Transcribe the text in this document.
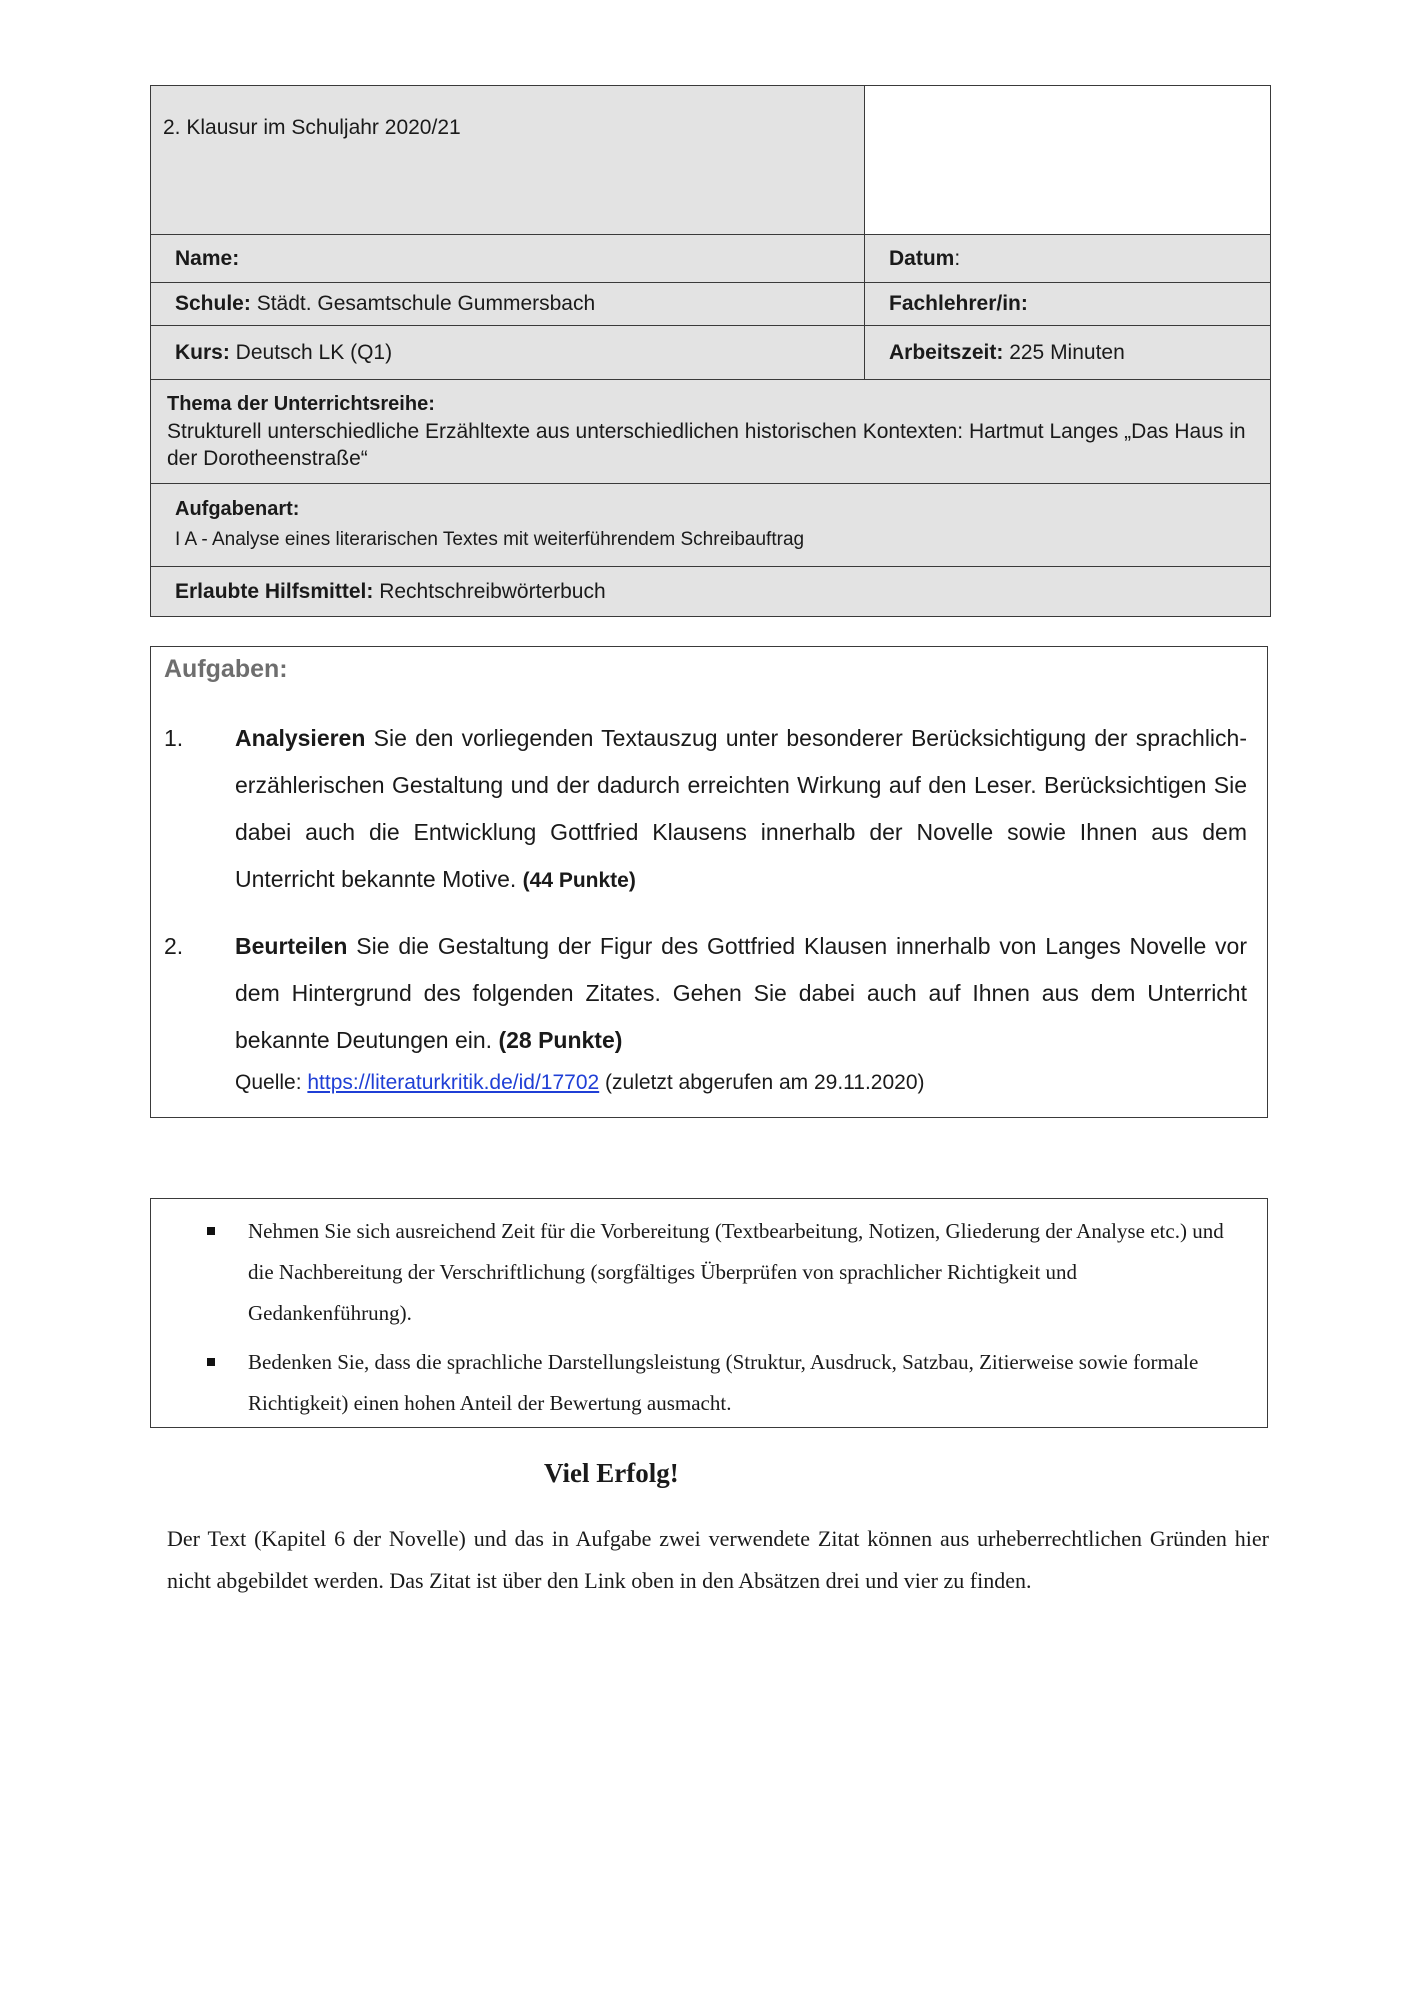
2. Klausur im Schuljahr 2020/21	
Name:	Datum:
Schule: Städt. Gesamtschule Gummersbach	Fachlehrer/in:
Kurs: Deutsch LK (Q1)	Arbeitszeit: 225 Minuten

Thema der Unterrichtsreihe:
Strukturell unterschiedliche Erzähltexte aus unterschiedlichen historischen Kontexten: Hartmut Langes „Das Haus in der Dorotheenstraße“	

Aufgabenart:
I A - Analyse eines literarischen Textes mit weiterführendem Schreibauftrag	

Erlaubte Hilfsmittel: Rechtschreibwörterbuch	
Aufgaben:
1. Analysieren Sie den vorliegenden Textauszug unter besonderer Berücksichtigung der sprachlich-erzählerischen Gestaltung und der dadurch erreichten Wirkung auf den Leser. Berücksichtigen Sie dabei auch die Entwicklung Gottfried Klausens innerhalb der Novelle sowie Ihnen aus dem Unterricht bekannte Motive. (44 Punkte)
2. Beurteilen Sie die Gestaltung der Figur des Gottfried Klausen innerhalb von Langes Novelle vor dem Hintergrund des folgenden Zitates. Gehen Sie dabei auch auf Ihnen aus dem Unterricht bekannte Deutungen ein. (28 Punkte)
Quelle: https://literaturkritik.de/id/17702 (zuletzt abgerufen am 29.11.2020)
Nehmen Sie sich ausreichend Zeit für die Vorbereitung (Textbearbeitung, Notizen, Gliederung der Analyse etc.) und die Nachbereitung der Verschriftlichung (sorgfältiges Überprüfen von sprachlicher Richtigkeit und Gedankenführung).
Bedenken Sie, dass die sprachliche Darstellungsleistung (Struktur, Ausdruck, Satzbau, Zitierweise sowie formale Richtigkeit) einen hohen Anteil der Bewertung ausmacht.
Viel Erfolg!
Der Text (Kapitel 6 der Novelle) und das in Aufgabe zwei verwendete Zitat können aus urheberrechtlichen Gründen hier nicht abgebildet werden. Das Zitat ist über den Link oben in den Absätzen drei und vier zu finden.
